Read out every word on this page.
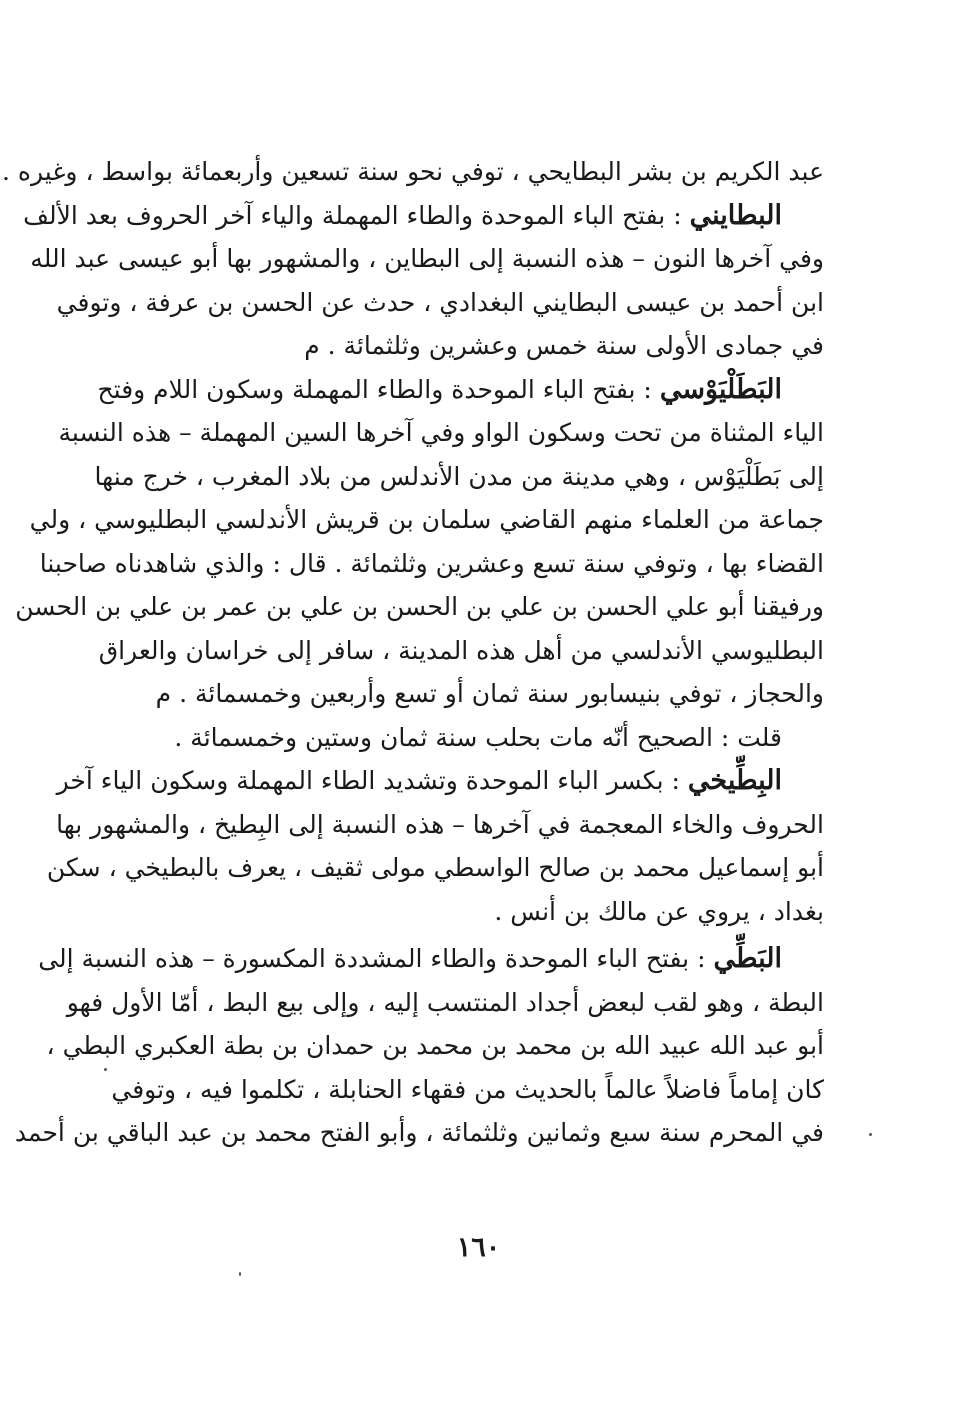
عبد الكريم بن بشر البطايحي ، توفي نحو سنة تسعين وأربعمائة بواسط ، وغيره .
البطايني : بفتح الباء الموحدة والطاء المهملة والياء آخر الحروف بعد الألف
وفي آخرها النون – هذه النسبة إلى البطاين ، والمشهور بها أبو عيسى عبد الله
ابن أحمد بن عيسى البطايني البغدادي ، حدث عن الحسن بن عرفة ، وتوفي
في جمادى الأولى سنة خمس وعشرين وثلثمائة . م
البَطَلْيَوْسي : بفتح الباء الموحدة والطاء المهملة وسكون اللام وفتح
الياء المثناة من تحت وسكون الواو وفي آخرها السين المهملة – هذه النسبة
إلى بَطَلْيَوْس ، وهي مدينة من مدن الأندلس من بلاد المغرب ، خرج منها
جماعة من العلماء منهم القاضي سلمان بن قريش الأندلسي البطليوسي ، ولي
القضاء بها ، وتوفي سنة تسع وعشرين وثلثمائة . قال : والذي شاهدناه صاحبنا
ورفيقنا أبو علي الحسن بن علي بن الحسن بن علي بن عمر بن علي بن الحسن
البطليوسي الأندلسي من أهل هذه المدينة ، سافر إلى خراسان والعراق
والحجاز ، توفي بنيسابور سنة ثمان أو تسع وأربعين وخمسمائة . م
قلت : الصحيح أنّه مات بحلب سنة ثمان وستين وخمسمائة .
البِطِّيخي : بكسر الباء الموحدة وتشديد الطاء المهملة وسكون الياء آخر
الحروف والخاء المعجمة في آخرها – هذه النسبة إلى البِطيخ ، والمشهور بها
أبو إسماعيل محمد بن صالح الواسطي مولى ثقيف ، يعرف بالبطيخي ، سكن
بغداد ، يروي عن مالك بن أنس .
البَطِّي : بفتح الباء الموحدة والطاء المشددة المكسورة – هذه النسبة إلى
البطة ، وهو لقب لبعض أجداد المنتسب إليه ، وإلى بيع البط ، أمّا الأول فهو
أبو عبد الله عبيد الله بن محمد بن محمد بن حمدان بن بطة العكبري البطي ،
كان إماماً فاضلاً عالماً بالحديث من فقهاء الحنابلة ، تكلموا فيه ، وتوفي
في المحرم سنة سبع وثمانين وثلثمائة ، وأبو الفتح محمد بن عبد الباقي بن أحمد
١٦٠
